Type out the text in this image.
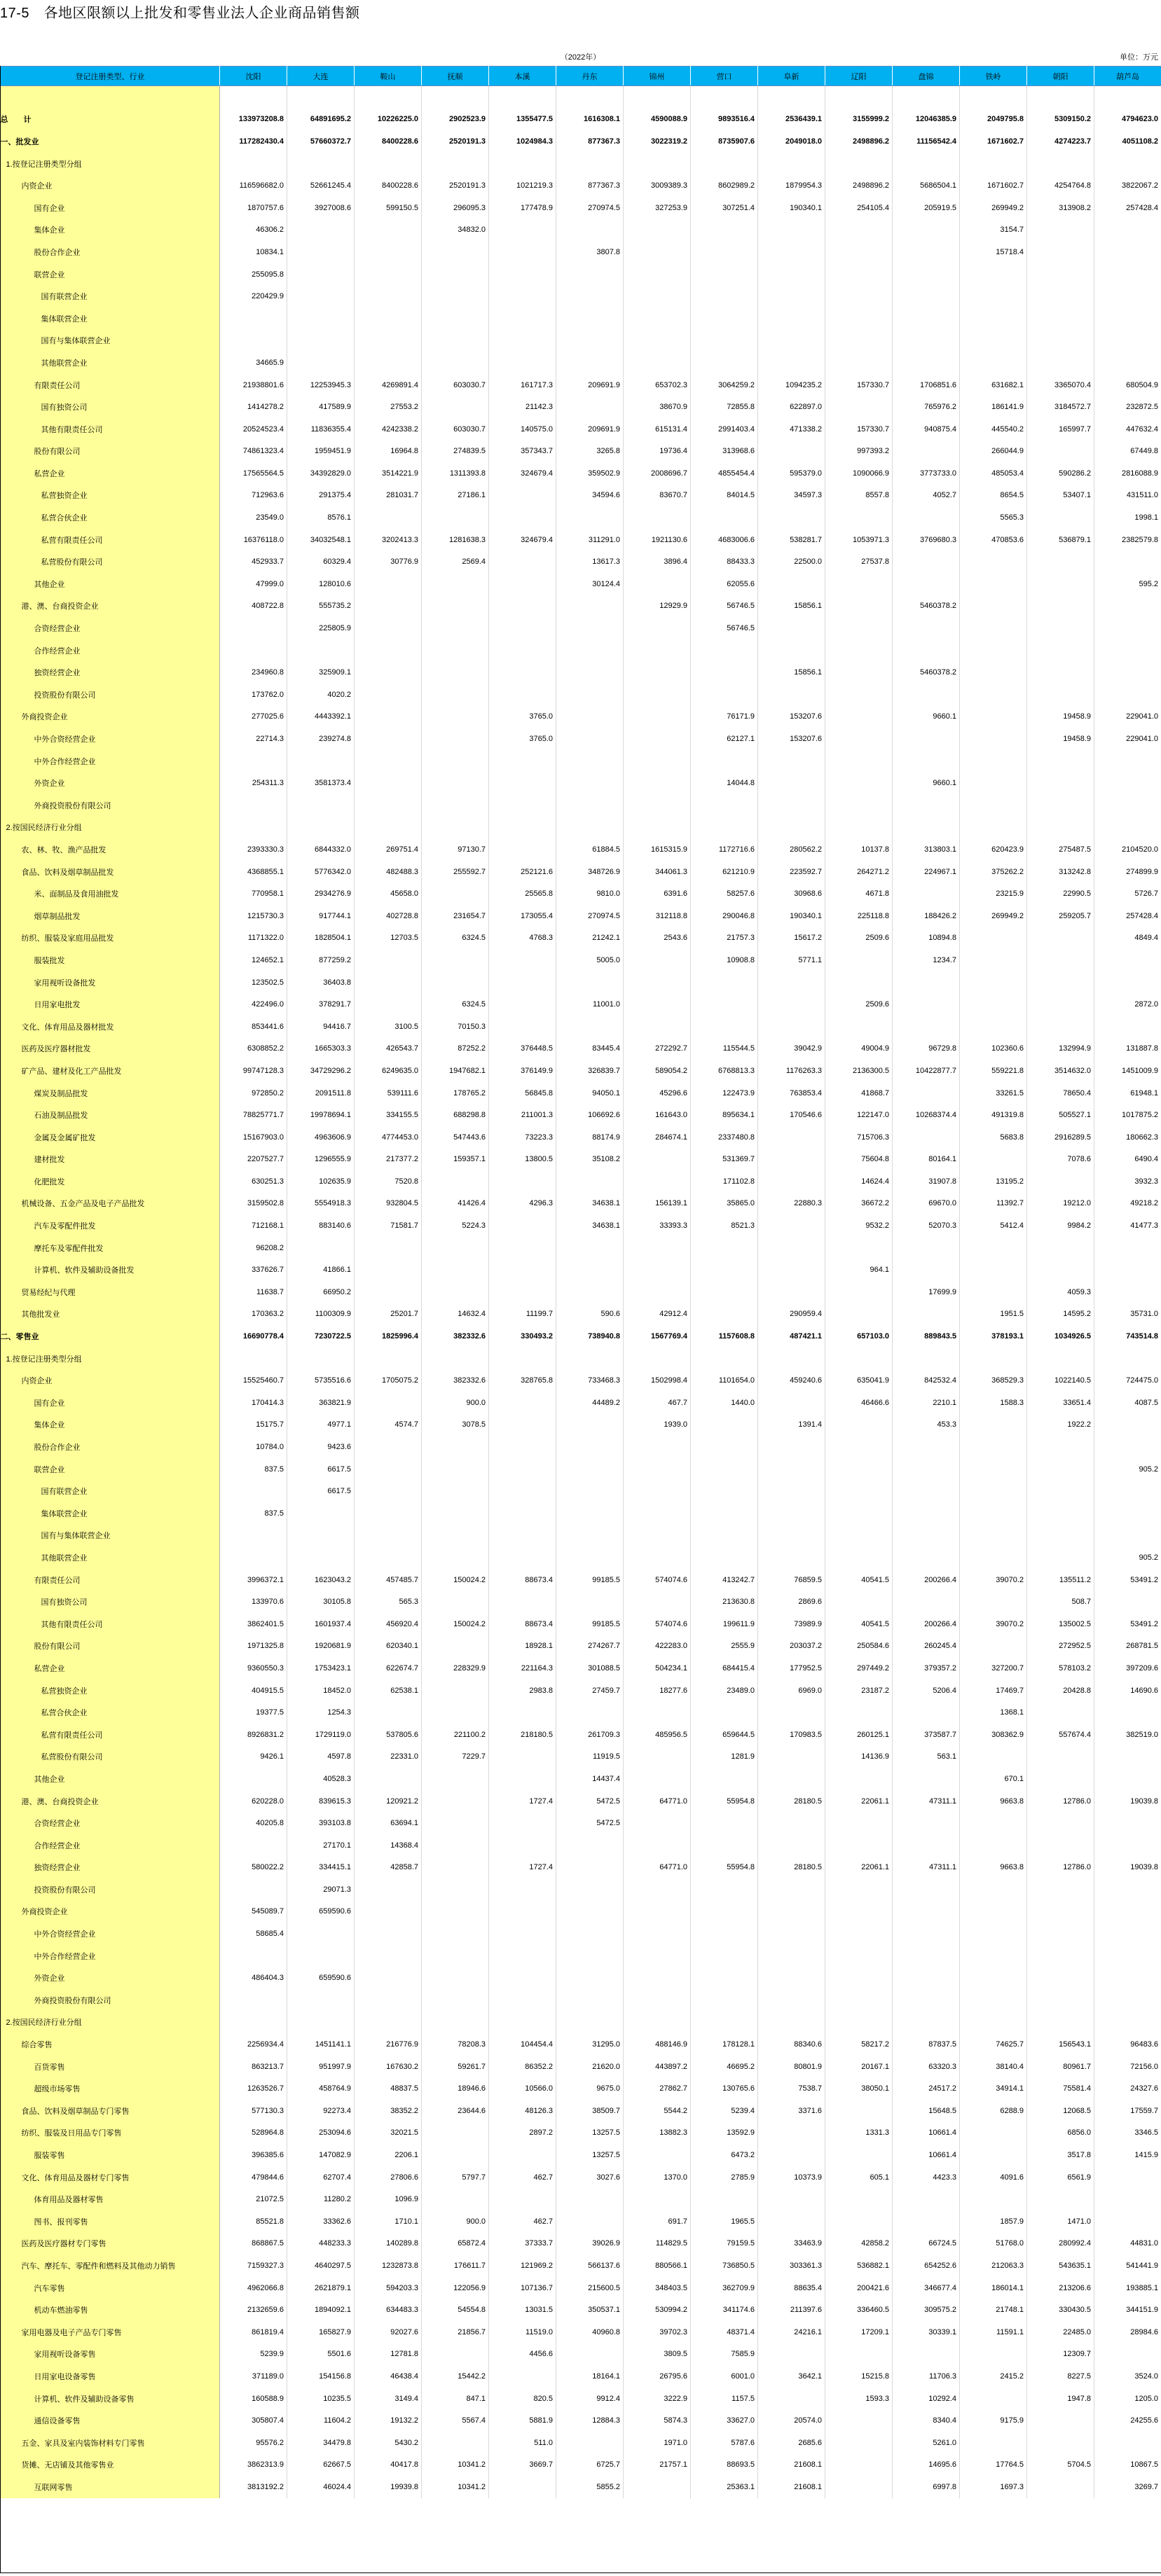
17-5　各地区限额以上批发和零售业法人企业商品销售额
（2022年）	单位：万元
登记注册类型、行业	沈阳	大连	鞍山	抚顺	本溪	丹东	锦州	营口	阜新	辽阳	盘锦	铁岭	朝阳	葫芦岛

总　　计	133973208.8	64891695.2	10226225.0	2902523.9	1355477.5	1616308.1	4590088.9	9893516.4	2536439.1	3155999.2	12046385.9	2049795.8	5309150.2	4794623.0
一、批发业	117282430.4	57660372.7	8400228.6	2520191.3	1024984.3	877367.3	3022319.2	8735907.6	2049018.0	2498896.2	11156542.4	1671602.7	4274223.7	4051108.2
1.按登记注册类型分组														
内资企业	116596682.0	52661245.4	8400228.6	2520191.3	1021219.3	877367.3	3009389.3	8602989.2	1879954.3	2498896.2	5686504.1	1671602.7	4254764.8	3822067.2
国有企业	1870757.6	3927008.6	599150.5	296095.3	177478.9	270974.5	327253.9	307251.4	190340.1	254105.4	205919.5	269949.2	313908.2	257428.4
集体企业	46306.2			34832.0								3154.7		
股份合作企业	10834.1					3807.8						15718.4		
联营企业	255095.8													
国有联营企业	220429.9													
集体联营企业														
国有与集体联营企业														
其他联营企业	34665.9													
有限责任公司	21938801.6	12253945.3	4269891.4	603030.7	161717.3	209691.9	653702.3	3064259.2	1094235.2	157330.7	1706851.6	631682.1	3365070.4	680504.9
国有独资公司	1414278.2	417589.9	27553.2		21142.3		38670.9	72855.8	622897.0		765976.2	186141.9	3184572.7	232872.5
其他有限责任公司	20524523.4	11836355.4	4242338.2	603030.7	140575.0	209691.9	615131.4	2991403.4	471338.2	157330.7	940875.4	445540.2	165997.7	447632.4
股份有限公司	74861323.4	1959451.9	16964.8	274839.5	357343.7	3265.8	19736.4	313968.6		997393.2		266044.9		67449.8
私营企业	17565564.5	34392829.0	3514221.9	1311393.8	324679.4	359502.9	2008696.7	4855454.4	595379.0	1090066.9	3773733.0	485053.4	590286.2	2816088.9
私营独资企业	712963.6	291375.4	281031.7	27186.1		34594.6	83670.7	84014.5	34597.3	8557.8	4052.7	8654.5	53407.1	431511.0
私营合伙企业	23549.0	8576.1										5565.3		1998.1
私营有限责任公司	16376118.0	34032548.1	3202413.3	1281638.3	324679.4	311291.0	1921130.6	4683006.6	538281.7	1053971.3	3769680.3	470853.6	536879.1	2382579.8
私营股份有限公司	452933.7	60329.4	30776.9	2569.4		13617.3	3896.4	88433.3	22500.0	27537.8				
其他企业	47999.0	128010.6				30124.4		62055.6						595.2
港、澳、台商投资企业	408722.8	555735.2					12929.9	56746.5	15856.1		5460378.2			
合资经营企业		225805.9						56746.5						
合作经营企业														
独资经营企业	234960.8	325909.1							15856.1		5460378.2			
投资股份有限公司	173762.0	4020.2												
外商投资企业	277025.6	4443392.1			3765.0			76171.9	153207.6		9660.1		19458.9	229041.0
中外合资经营企业	22714.3	239274.8			3765.0			62127.1	153207.6				19458.9	229041.0
中外合作经营企业														
外资企业	254311.3	3581373.4						14044.8			9660.1			
外商投资股份有限公司														
2.按国民经济行业分组														
农、林、牧、渔产品批发	2393330.3	6844332.0	269751.4	97130.7		61884.5	1615315.9	1172716.6	280562.2	10137.8	313803.1	620423.9	275487.5	2104520.0
食品、饮料及烟草制品批发	4368855.1	5776342.0	482488.3	255592.7	252121.6	348726.9	344061.3	621210.9	223592.7	264271.2	224967.1	375262.2	313242.8	274899.9
米、面制品及食用油批发	770958.1	2934276.9	45658.0		25565.8	9810.0	6391.6	58257.6	30968.6	4671.8		23215.9	22990.5	5726.7
烟草制品批发	1215730.3	917744.1	402728.8	231654.7	173055.4	270974.5	312118.8	290046.8	190340.1	225118.8	188426.2	269949.2	259205.7	257428.4
纺织、服装及家庭用品批发	1171322.0	1828504.1	12703.5	6324.5	4768.3	21242.1	2543.6	21757.3	15617.2	2509.6	10894.8			4849.4
服装批发	124652.1	877259.2				5005.0		10908.8	5771.1		1234.7			
家用视听设备批发	123502.5	36403.8												
日用家电批发	422496.0	378291.7		6324.5		11001.0				2509.6				2872.0
文化、体育用品及器材批发	853441.6	94416.7	3100.5	70150.3										
医药及医疗器材批发	6308852.2	1665303.3	426543.7	87252.2	376448.5	83445.4	272292.7	115544.5	39042.9	49004.9	96729.8	102360.6	132994.9	131887.8
矿产品、建材及化工产品批发	99747128.3	34729296.2	6249635.0	1947682.1	376149.9	326839.7	589054.2	6768813.3	1176263.3	2136300.5	10422877.7	559221.8	3514632.0	1451009.9
煤炭及制品批发	972850.2	2091511.8	539111.6	178765.2	56845.8	94050.1	45296.6	122473.9	763853.4	41868.7		33261.5	78650.4	61948.1
石油及制品批发	78825771.7	19978694.1	334155.5	688298.8	211001.3	106692.6	161643.0	895634.1	170546.6	122147.0	10268374.4	491319.8	505527.1	1017875.2
金属及金属矿批发	15167903.0	4963606.9	4774453.0	547443.6	73223.3	88174.9	284674.1	2337480.8		715706.3		5683.8	2916289.5	180662.3
建材批发	2207527.7	1296555.9	217377.2	159357.1	13800.5	35108.2		531369.7		75604.8	80164.1		7078.6	6490.4
化肥批发	630251.3	102635.9	7520.8					171102.8		14624.4	31907.8	13195.2		3932.3
机械设备、五金产品及电子产品批发	3159502.8	5554918.3	932804.5	41426.4	4296.3	34638.1	156139.1	35865.0	22880.3	36672.2	69670.0	11392.7	19212.0	49218.2
汽车及零配件批发	712168.1	883140.6	71581.7	5224.3		34638.1	33393.3	8521.3		9532.2	52070.3	5412.4	9984.2	41477.3
摩托车及零配件批发	96208.2													
计算机、软件及辅助设备批发	337626.7	41866.1								964.1				
贸易经纪与代理	11638.7	66950.2									17699.9		4059.3	
其他批发业	170363.2	1100309.9	25201.7	14632.4	11199.7	590.6	42912.4		290959.4			1951.5	14595.2	35731.0
二、零售业	16690778.4	7230722.5	1825996.4	382332.6	330493.2	738940.8	1567769.4	1157608.8	487421.1	657103.0	889843.5	378193.1	1034926.5	743514.8
1.按登记注册类型分组														
内资企业	15525460.7	5735516.6	1705075.2	382332.6	328765.8	733468.3	1502998.4	1101654.0	459240.6	635041.9	842532.4	368529.3	1022140.5	724475.0
国有企业	170414.3	363821.9		900.0		44489.2	467.7	1440.0		46466.6	2210.1	1588.3	33651.4	4087.5
集体企业	15175.7	4977.1	4574.7	3078.5			1939.0		1391.4		453.3		1922.2	
股份合作企业	10784.0	9423.6												
联营企业	837.5	6617.5												905.2
国有联营企业		6617.5												
集体联营企业	837.5													
国有与集体联营企业														
其他联营企业														905.2
有限责任公司	3996372.1	1623043.2	457485.7	150024.2	88673.4	99185.5	574074.6	413242.7	76859.5	40541.5	200266.4	39070.2	135511.2	53491.2
国有独资公司	133970.6	30105.8	565.3					213630.8	2869.6				508.7	
其他有限责任公司	3862401.5	1601937.4	456920.4	150024.2	88673.4	99185.5	574074.6	199611.9	73989.9	40541.5	200266.4	39070.2	135002.5	53491.2
股份有限公司	1971325.8	1920681.9	620340.1		18928.1	274267.7	422283.0	2555.9	203037.2	250584.6	260245.4		272952.5	268781.5
私营企业	9360550.3	1753423.1	622674.7	228329.9	221164.3	301088.5	504234.1	684415.4	177952.5	297449.2	379357.2	327200.7	578103.2	397209.6
私营独资企业	404915.5	18452.0	62538.1		2983.8	27459.7	18277.6	23489.0	6969.0	23187.2	5206.4	17469.7	20428.8	14690.6
私营合伙企业	19377.5	1254.3										1368.1		
私营有限责任公司	8926831.2	1729119.0	537805.6	221100.2	218180.5	261709.3	485956.5	659644.5	170983.5	260125.1	373587.7	308362.9	557674.4	382519.0
私营股份有限公司	9426.1	4597.8	22331.0	7229.7		11919.5		1281.9		14136.9	563.1			
其他企业		40528.3				14437.4						670.1		
港、澳、台商投资企业	620228.0	839615.3	120921.2		1727.4	5472.5	64771.0	55954.8	28180.5	22061.1	47311.1	9663.8	12786.0	19039.8
合资经营企业	40205.8	393103.8	63694.1			5472.5								
合作经营企业		27170.1	14368.4											
独资经营企业	580022.2	334415.1	42858.7		1727.4		64771.0	55954.8	28180.5	22061.1	47311.1	9663.8	12786.0	19039.8
投资股份有限公司		29071.3												
外商投资企业	545089.7	659590.6												
中外合资经营企业	58685.4													
中外合作经营企业														
外资企业	486404.3	659590.6												
外商投资股份有限公司														
2.按国民经济行业分组														
综合零售	2256934.4	1451141.1	216776.9	78208.3	104454.4	31295.0	488146.9	178128.1	88340.6	58217.2	87837.5	74625.7	156543.1	96483.6
百货零售	863213.7	951997.9	167630.2	59261.7	86352.2	21620.0	443897.2	46695.2	80801.9	20167.1	63320.3	38140.4	80961.7	72156.0
超级市场零售	1263526.7	458764.9	48837.5	18946.6	10566.0	9675.0	27862.7	130765.6	7538.7	38050.1	24517.2	34914.1	75581.4	24327.6
食品、饮料及烟草制品专门零售	577130.3	92273.4	38352.2	23644.6	48126.3	38509.7	5544.2	5239.4	3371.6		15648.5	6288.9	12068.5	17559.7
纺织、服装及日用品专门零售	528964.8	253094.6	32021.5		2897.2	13257.5	13882.3	13592.9		1331.3	10661.4		6856.0	3346.5
服装零售	396385.6	147082.9	2206.1			13257.5		6473.2			10661.4		3517.8	1415.9
文化、体育用品及器材专门零售	479844.6	62707.4	27806.6	5797.7	462.7	3027.6	1370.0	2785.9	10373.9	605.1	4423.3	4091.6	6561.9	
体育用品及器材零售	21072.5	11280.2	1096.9											
图书、报刊零售	85521.8	33362.6	1710.1	900.0	462.7		691.7	1965.5				1857.9	1471.0	
医药及医疗器材专门零售	868867.5	448233.3	140289.8	65872.4	37333.7	39026.9	114829.5	79159.5	33463.9	42858.2	66724.5	51768.0	280992.4	44831.0
汽车、摩托车、零配件和燃料及其他动力销售	7159327.3	4640297.5	1232873.8	176611.7	121969.2	566137.6	880566.1	736850.5	303361.3	536882.1	654252.6	212063.3	543635.1	541441.9
汽车零售	4962066.8	2621879.1	594203.3	122056.9	107136.7	215600.5	348403.5	362709.9	88635.4	200421.6	346677.4	186014.1	213206.6	193885.1
机动车燃油零售	2132659.6	1894092.1	634483.3	54554.8	13031.5	350537.1	530994.2	341174.6	211397.6	336460.5	309575.2	21748.1	330430.5	344151.9
家用电器及电子产品专门零售	861819.4	165827.9	92027.6	21856.7	11519.0	40960.8	39702.3	48371.4	24216.1	17209.1	30339.1	11591.1	22485.0	28984.6
家用视听设备零售	5239.9	5501.6	12781.8		4456.6		3809.5	7585.9					12309.7	
日用家电设备零售	371189.0	154156.8	46438.4	15442.2		18164.1	26795.6	6001.0	3642.1	15215.8	11706.3	2415.2	8227.5	3524.0
计算机、软件及辅助设备零售	160588.9	10235.5	3149.4	847.1	820.5	9912.4	3222.9	1157.5		1593.3	10292.4		1947.8	1205.0
通信设备零售	305807.4	11604.2	19132.2	5567.4	5881.9	12884.3	5874.3	33627.0	20574.0		8340.4	9175.9		24255.6
五金、家具及室内装饰材料专门零售	95576.2	34479.8	5430.2		511.0		1971.0	5787.6	2685.6		5261.0			
货摊、无店铺及其他零售业	3862313.9	62667.5	40417.8	10341.2	3669.7	6725.7	21757.1	88693.5	21608.1		14695.6	17764.5	5704.5	10867.5
互联网零售	3813192.2	46024.4	19939.8	10341.2		5855.2		25363.1	21608.1		6997.8	1697.3		3269.7
